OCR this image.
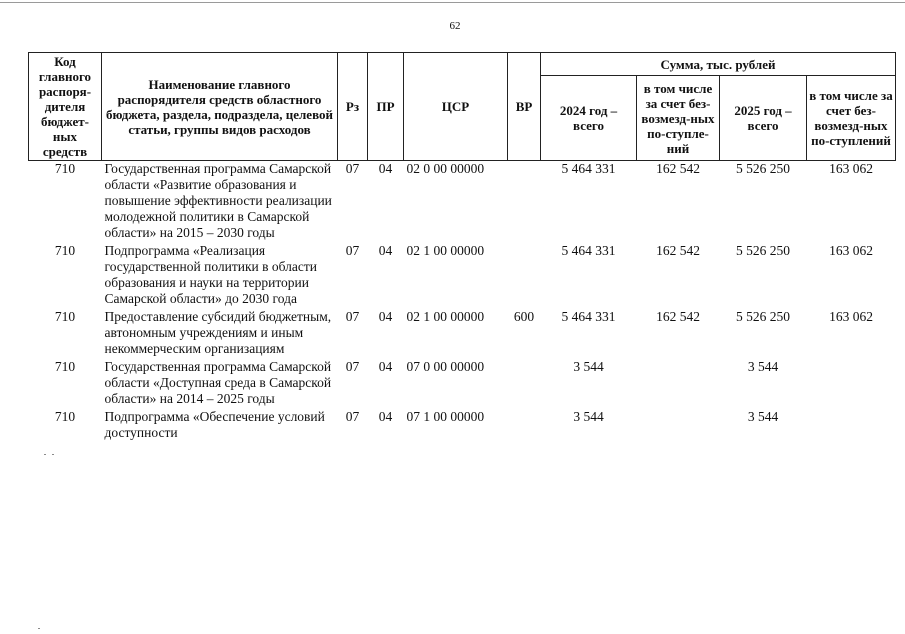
62
Код главного распоря-дителя бюджет-ных средств	Наименование главного распорядителя средств областного бюджета, раздела, подраздела, целевой статьи, группы видов расходов	Рз	ПР	ЦСР	ВР	Сумма, тыс. рублей			
						2024 год – всего	в том числе за счет без-возмезд-ных по-ступле-ний	2025 год – всего	в том числе за счет без-возмезд-ных по-ступлений
710	Государственная программа Самарской области «Развитие образования и повышение эффективности реализации молодежной политики в Самарской области» на 2015 – 2030 годы	07	04	02 0 00 00000		5 464 331	162 542	5 526 250	163 062
710	Подпрограмма «Реализация государственной политики в области образования и науки на территории Самарской области» до 2030 года	07	04	02 1 00 00000		5 464 331	162 542	5 526 250	163 062
710	Предоставление субсидий бюджетным, автономным учреждениям и иным некоммерческим организациям	07	04	02 1 00 00000	600	5 464 331	162 542	5 526 250	163 062
710	Государственная программа Самарской области «Доступная среда в Самарской области» на 2014 – 2025 годы	07	04	07 0 00 00000		3 544		3 544	
710	Подпрограмма «Обеспечение условий доступности	07	04	07 1 00 00000		3 544		3 544	
